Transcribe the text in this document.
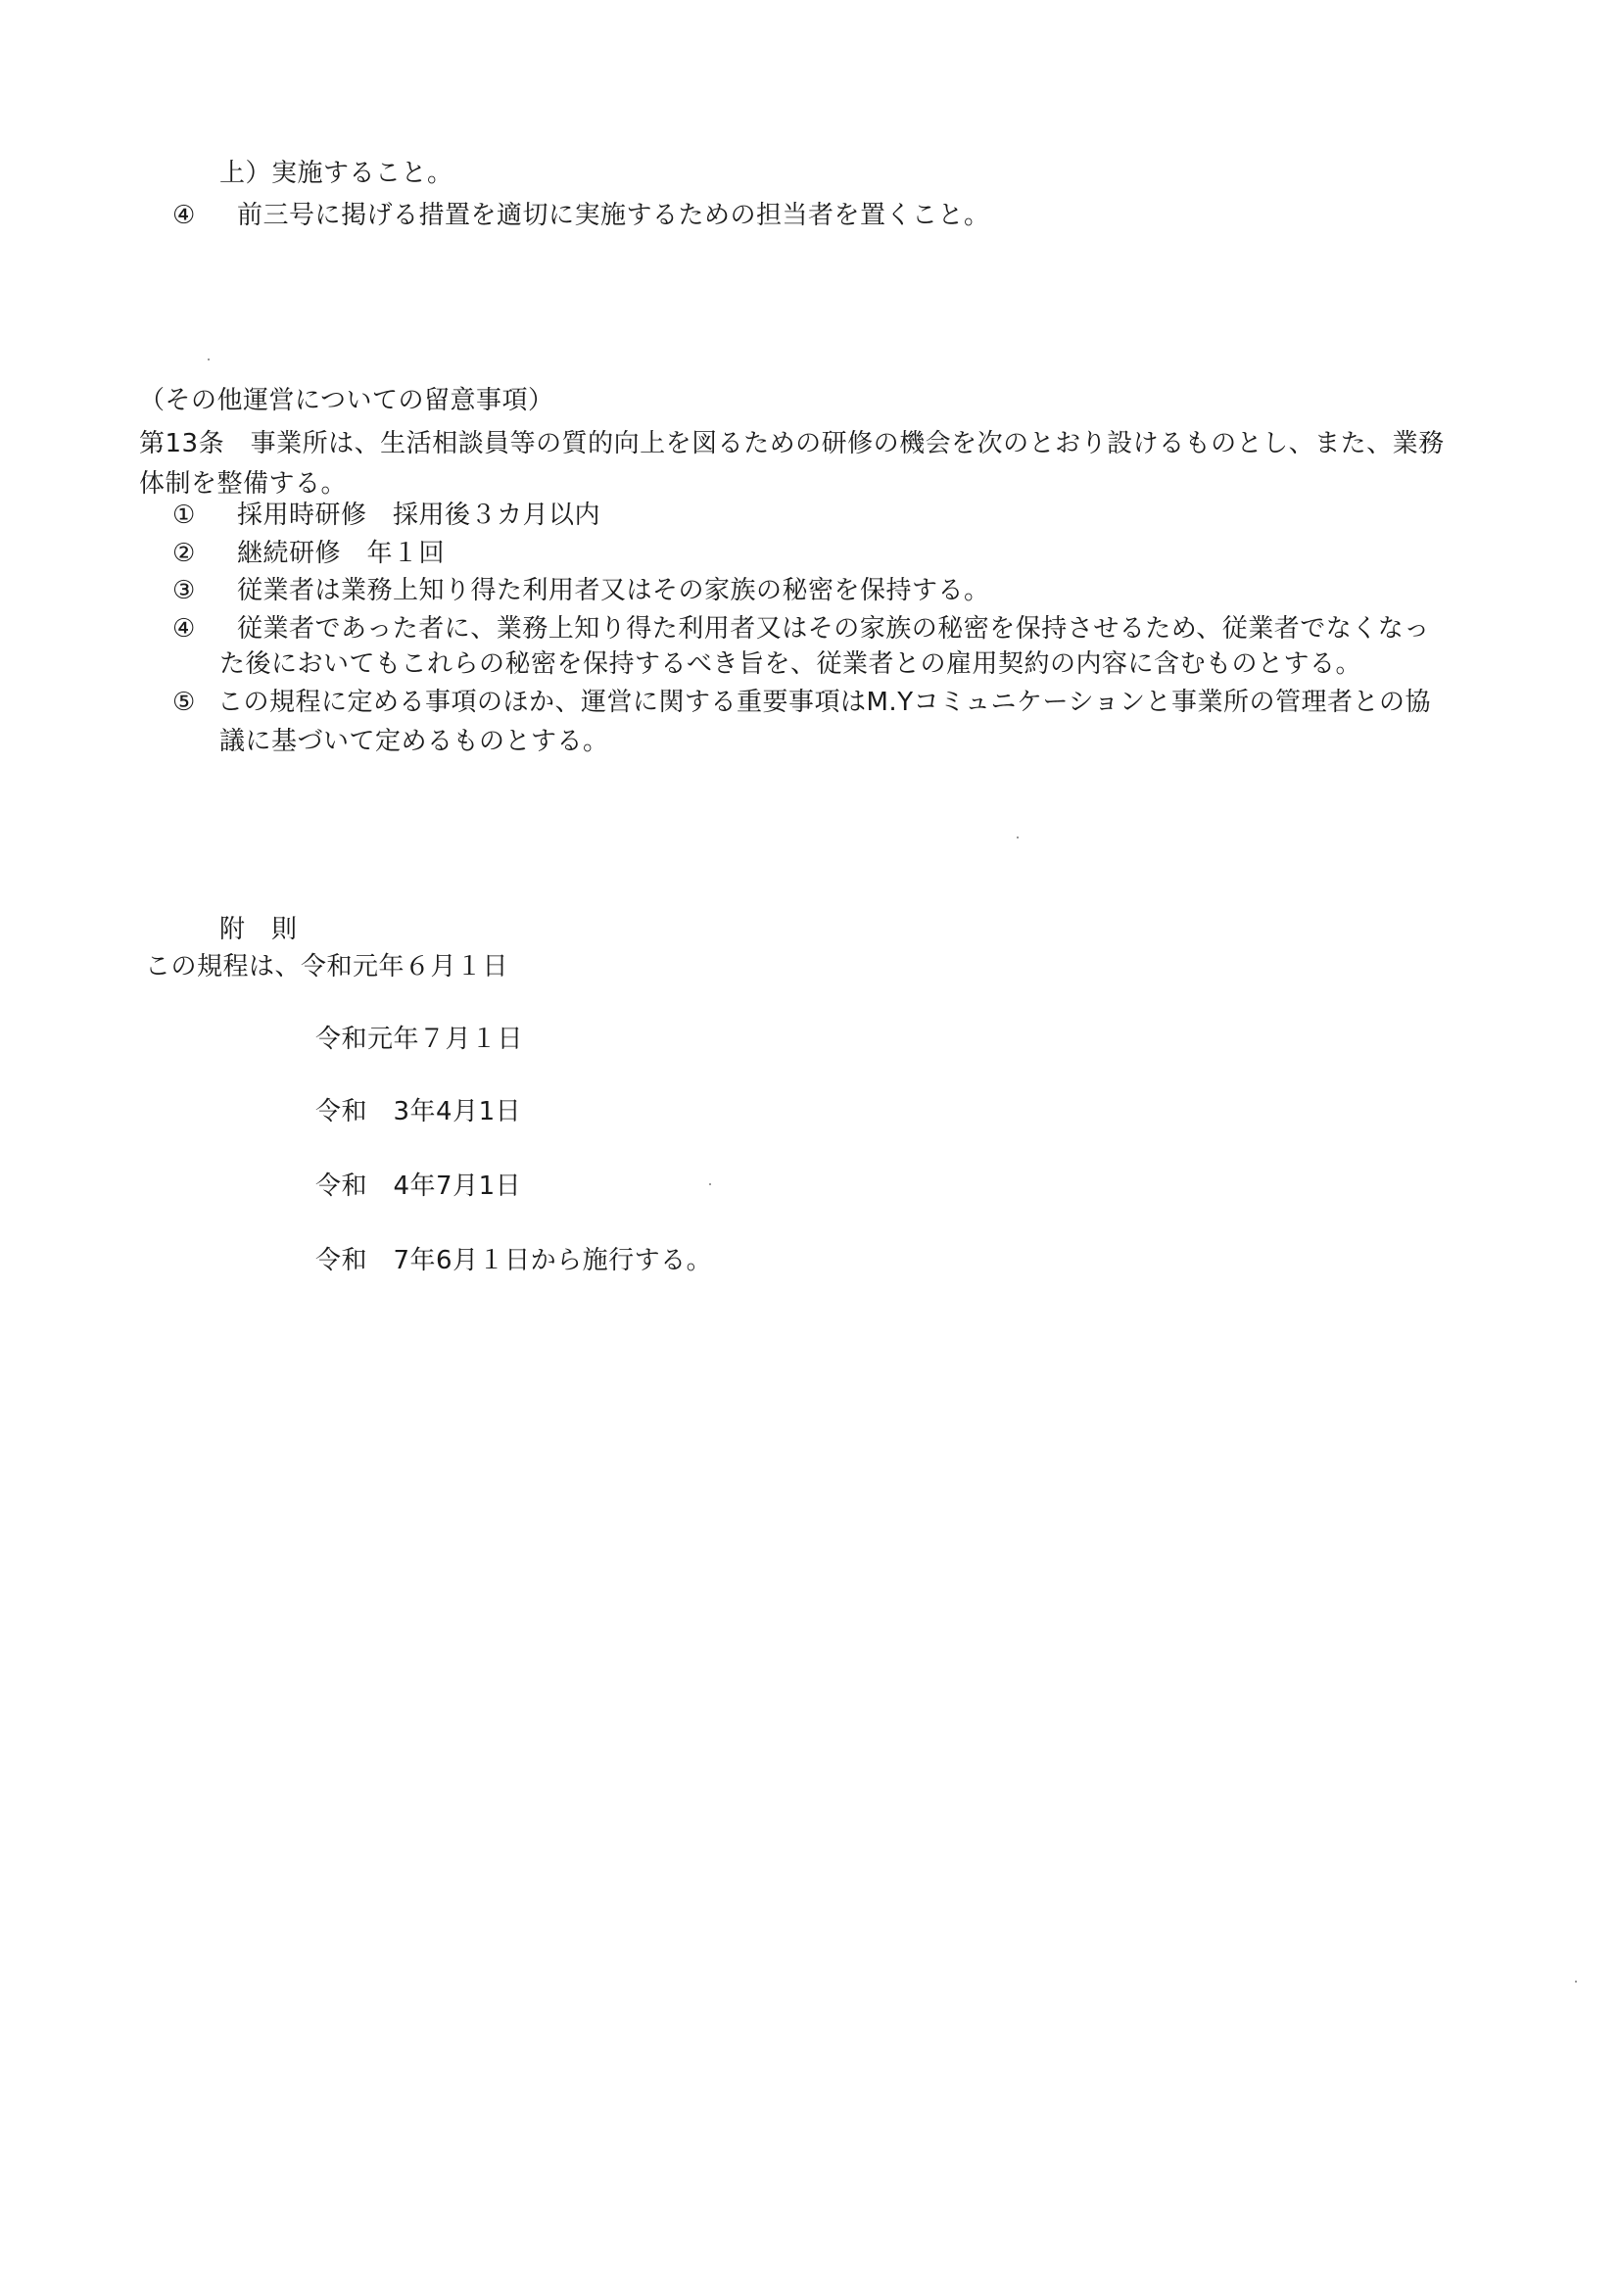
上）実施すること。
④ 前三号に掲げる措置を適切に実施するための担当者を置くこと。
（その他運営についての留意事項）
第13条　事業所は、生活相談員等の質的向上を図るための研修の機会を次のとおり設けるものとし、また、業務
体制を整備する。
① 採用時研修　採用後３カ月以内
② 継続研修　年１回
③ 従業者は業務上知り得た利用者又はその家族の秘密を保持する。
④ 従業者であった者に、業務上知り得た利用者又はその家族の秘密を保持させるため、従業者でなくなっ
た後においてもこれらの秘密を保持するべき旨を、従業者との雇用契約の内容に含むものとする。
⑤ この規程に定める事項のほか、運営に関する重要事項はM.Yコミュニケーションと事業所の管理者との協
議に基づいて定めるものとする。
附　則
この規程は、令和元年６月１日
令和元年７月１日
令和　3年4月1日
令和　4年7月1日
令和　7年6月１日から施行する。
